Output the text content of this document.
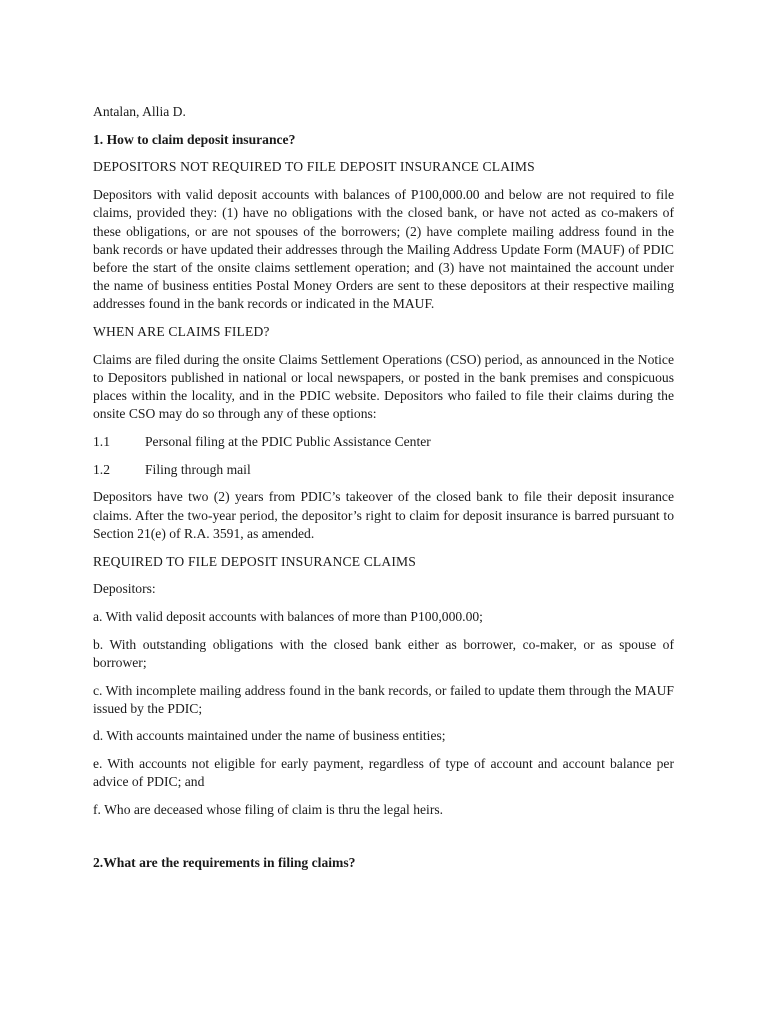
Antalan, Allia D.

1. How to claim deposit insurance?

DEPOSITORS NOT REQUIRED TO FILE DEPOSIT INSURANCE CLAIMS

Depositors with valid deposit accounts with balances of P100,000.00 and below are not required to file claims, provided they: (1) have no obligations with the closed bank, or have not acted as co-makers of these obligations, or are not spouses of the borrowers; (2) have complete mailing address found in the bank records or have updated their addresses through the Mailing Address Update Form (MAUF) of PDIC before the start of the onsite claims settlement operation; and (3) have not maintained the account under the name of business entities Postal Money Orders are sent to these depositors at their respective mailing addresses found in the bank records or indicated in the MAUF.

WHEN ARE CLAIMS FILED?

Claims are filed during the onsite Claims Settlement Operations (CSO) period, as announced in the Notice to Depositors published in national or local newspapers, or posted in the bank premises and conspicuous places within the locality, and in the PDIC website. Depositors who failed to file their claims during the onsite CSO may do so through any of these options:

1.1	Personal filing at the PDIC Public Assistance Center
1.2	Filing through mail

Depositors have two (2) years from PDIC’s takeover of the closed bank to file their deposit insurance claims. After the two-year period, the depositor’s right to claim for deposit insurance is barred pursuant to Section 21(e) of R.A. 3591, as amended.

REQUIRED TO FILE DEPOSIT INSURANCE CLAIMS

Depositors:

a. With valid deposit accounts with balances of more than P100,000.00;

b. With outstanding obligations with the closed bank either as borrower, co-maker, or as spouse of borrower;

c. With incomplete mailing address found in the bank records, or failed to update them through the MAUF issued by the PDIC;

d. With accounts maintained under the name of business entities;

e. With accounts not eligible for early payment, regardless of type of account and account balance per advice of PDIC; and

f. Who are deceased whose filing of claim is thru the legal heirs.

2.What are the requirements in filing claims?
